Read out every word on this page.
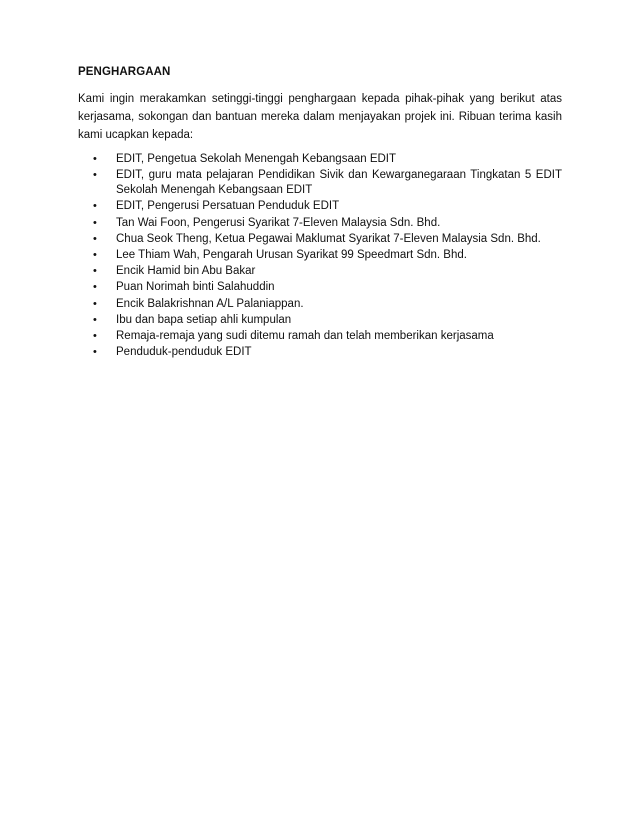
PENGHARGAAN

Kami ingin merakamkan setinggi-tinggi penghargaan kepada pihak-pihak yang berikut atas kerjasama, sokongan dan bantuan mereka dalam menjayakan projek ini. Ribuan terima kasih kami ucapkan kepada:

• EDIT, Pengetua Sekolah Menengah Kebangsaan EDIT
• EDIT, guru mata pelajaran Pendidikan Sivik dan Kewarganegaraan Tingkatan 5 EDIT Sekolah Menengah Kebangsaan EDIT
• EDIT, Pengerusi Persatuan Penduduk EDIT
• Tan Wai Foon, Pengerusi Syarikat 7-Eleven Malaysia Sdn. Bhd.
• Chua Seok Theng, Ketua Pegawai Maklumat Syarikat 7-Eleven Malaysia Sdn. Bhd.
• Lee Thiam Wah, Pengarah Urusan Syarikat 99 Speedmart Sdn. Bhd.
• Encik Hamid bin Abu Bakar
• Puan Norimah binti Salahuddin
• Encik Balakrishnan A/L Palaniappan.
• Ibu dan bapa setiap ahli kumpulan
• Remaja-remaja yang sudi ditemu ramah dan telah memberikan kerjasama
• Penduduk-penduduk EDIT
